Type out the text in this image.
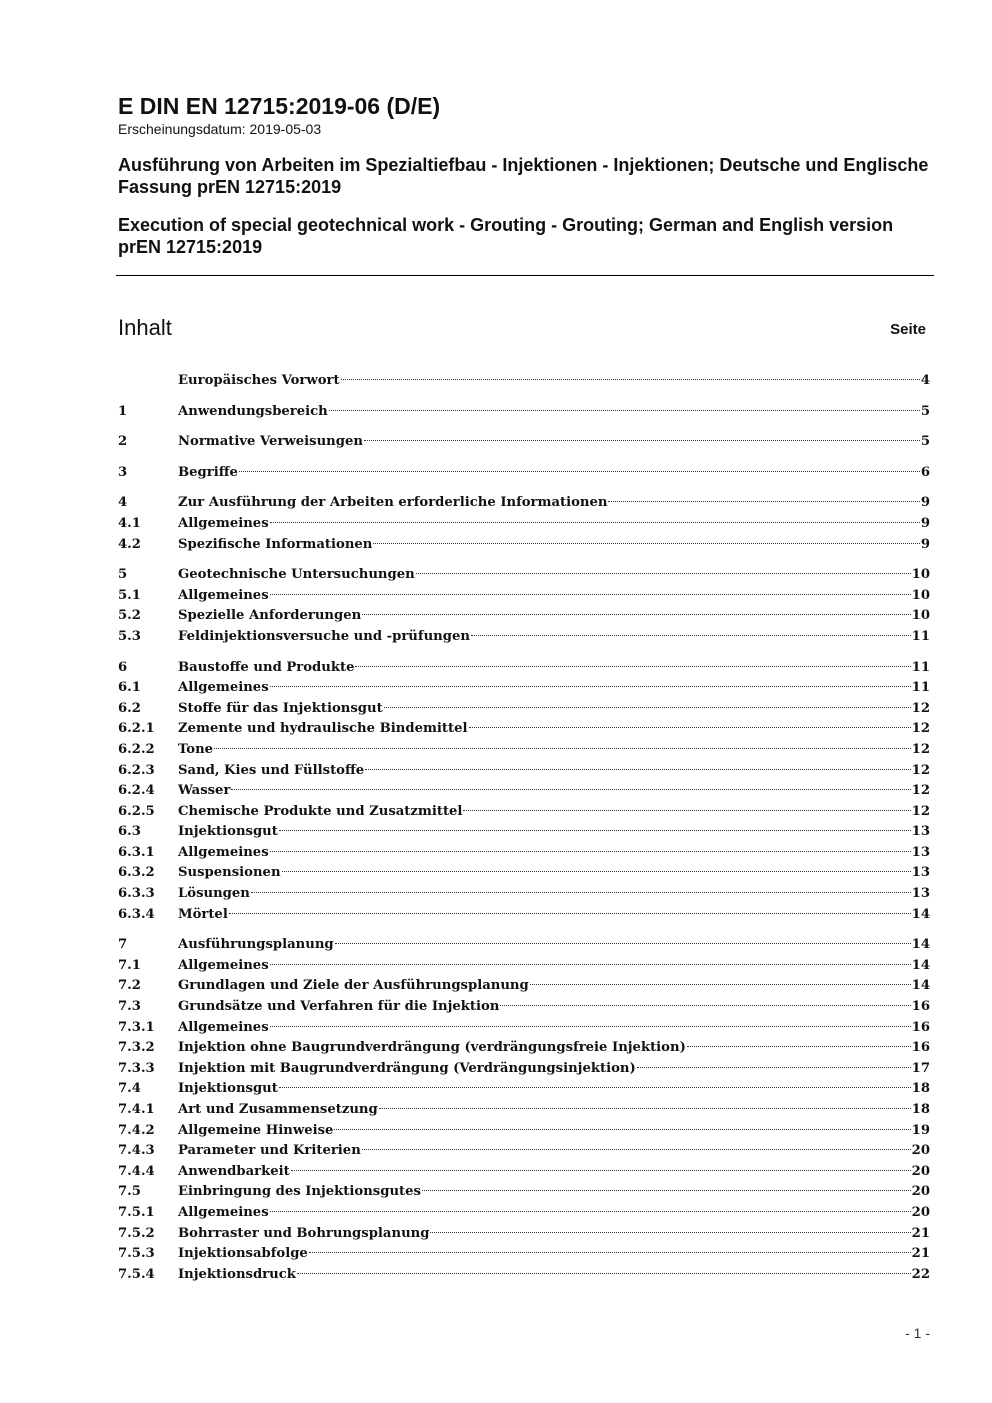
E DIN EN 12715:2019-06 (D/E)
Erscheinungsdatum: 2019-05-03
Ausführung von Arbeiten im Spezialtiefbau - Injektionen - Injektionen; Deutsche und Englische Fassung prEN 12715:2019
Execution of special geotechnical work - Grouting - Grouting; German and English version prEN 12715:2019
Inhalt	Seite
Europäisches Vorwort	4
1	Anwendungsbereich	5
2	Normative Verweisungen	5
3	Begriffe	6
4	Zur Ausführung der Arbeiten erforderliche Informationen	9
4.1	Allgemeines	9
4.2	Spezifische Informationen	9
5	Geotechnische Untersuchungen	10
5.1	Allgemeines	10
5.2	Spezielle Anforderungen	10
5.3	Feldinjektionsversuche und -prüfungen	11
6	Baustoffe und Produkte	11
6.1	Allgemeines	11
6.2	Stoffe für das Injektionsgut	12
6.2.1	Zemente und hydraulische Bindemittel	12
6.2.2	Tone	12
6.2.3	Sand, Kies und Füllstoffe	12
6.2.4	Wasser	12
6.2.5	Chemische Produkte und Zusatzmittel	12
6.3	Injektionsgut	13
6.3.1	Allgemeines	13
6.3.2	Suspensionen	13
6.3.3	Lösungen	13
6.3.4	Mörtel	14
7	Ausführungsplanung	14
7.1	Allgemeines	14
7.2	Grundlagen und Ziele der Ausführungsplanung	14
7.3	Grundsätze und Verfahren für die Injektion	16
7.3.1	Allgemeines	16
7.3.2	Injektion ohne Baugrundverdrängung (verdrängungsfreie Injektion)	16
7.3.3	Injektion mit Baugrundverdrängung (Verdrängungsinjektion)	17
7.4	Injektionsgut	18
7.4.1	Art und Zusammensetzung	18
7.4.2	Allgemeine Hinweise	19
7.4.3	Parameter und Kriterien	20
7.4.4	Anwendbarkeit	20
7.5	Einbringung des Injektionsgutes	20
7.5.1	Allgemeines	20
7.5.2	Bohrraster und Bohrungsplanung	21
7.5.3	Injektionsabfolge	21
7.5.4	Injektionsdruck	22
- 1 -
